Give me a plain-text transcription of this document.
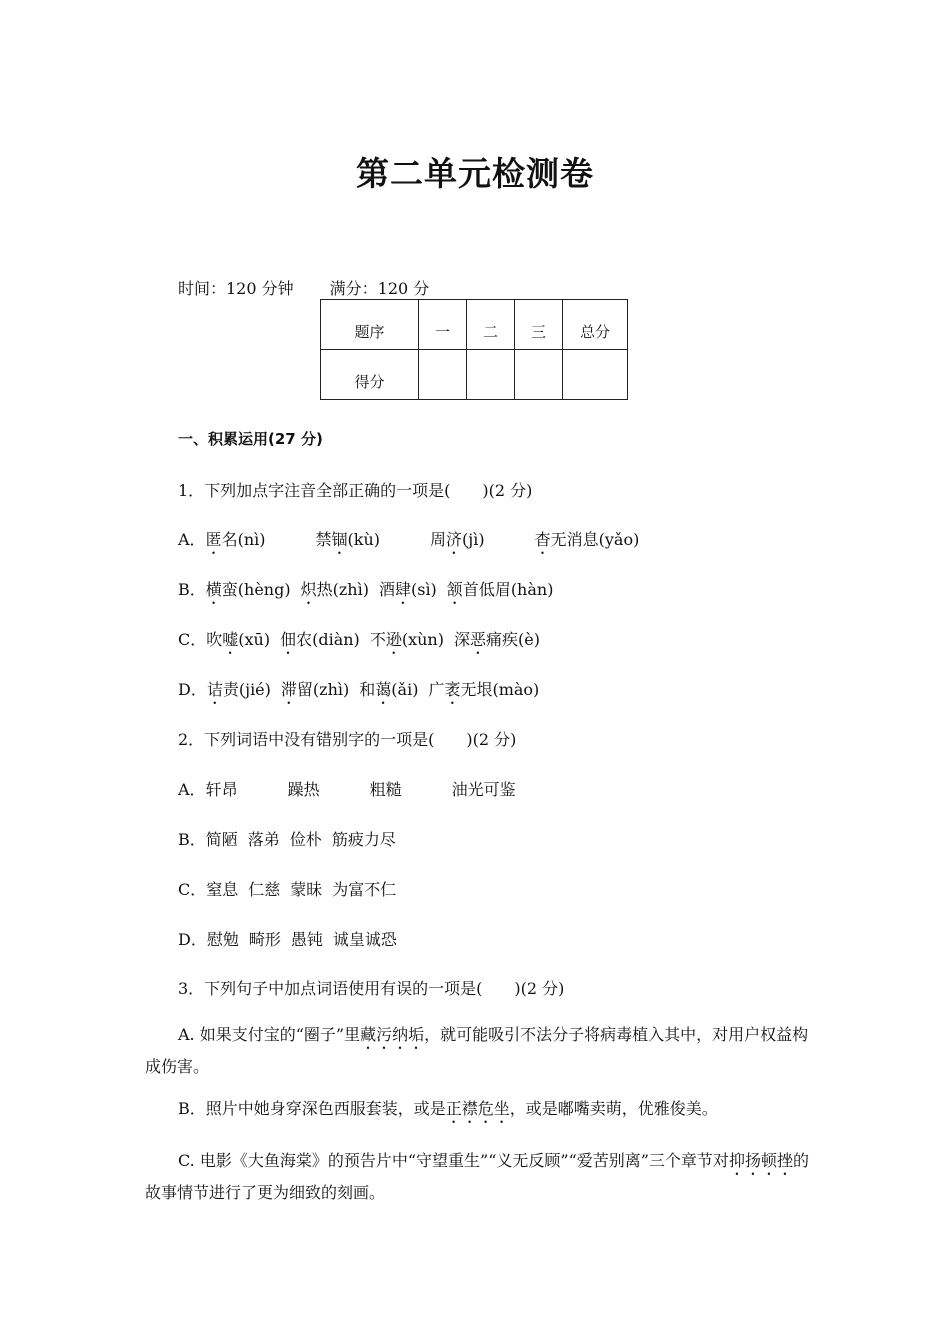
第二单元检测卷
时间：120 分钟 满分：120 分
题序	一	二	三	总分
得分				
一、积累运用(27 分)
1．下列加点字注音全部正确的一项是(　　)(2 分)
A．匿名(nì)	禁锢(kù)	周济(jì)	杳无消息(yǎo)
B．横蛮(hèng) 炽热(zhì) 酒肆(sì) 颔首低眉(hàn)
C．吹嘘(xū) 佃农(diàn) 不逊(xùn) 深恶痛疾(è)
D．诘责(jié) 滞留(zhì) 和蔼(ǎi) 广袤无垠(mào)
2．下列词语中没有错别字的一项是(　　)(2 分)
A．轩昂	躁热	粗糙	油光可鉴
B．简陋 落弟 俭朴 筋疲力尽
C．窒息 仁慈 蒙昧 为富不仁
D．慰勉 畸形 愚钝 诚皇诚恐
3．下列句子中加点词语使用有误的一项是(　　)(2 分)
A. 如果支付宝的“圈子”里藏污纳垢，就可能吸引不法分子将病毒植入其中，对用户权益构成伤害。
B．照片中她身穿深色西服套装，或是正襟危坐，或是嘟嘴卖萌，优雅俊美。
C. 电影《大鱼海棠》的预告片中“守望重生”“义无反顾”“爱苦别离”三个章节对抑扬顿挫的故事情节进行了更为细致的刻画。
